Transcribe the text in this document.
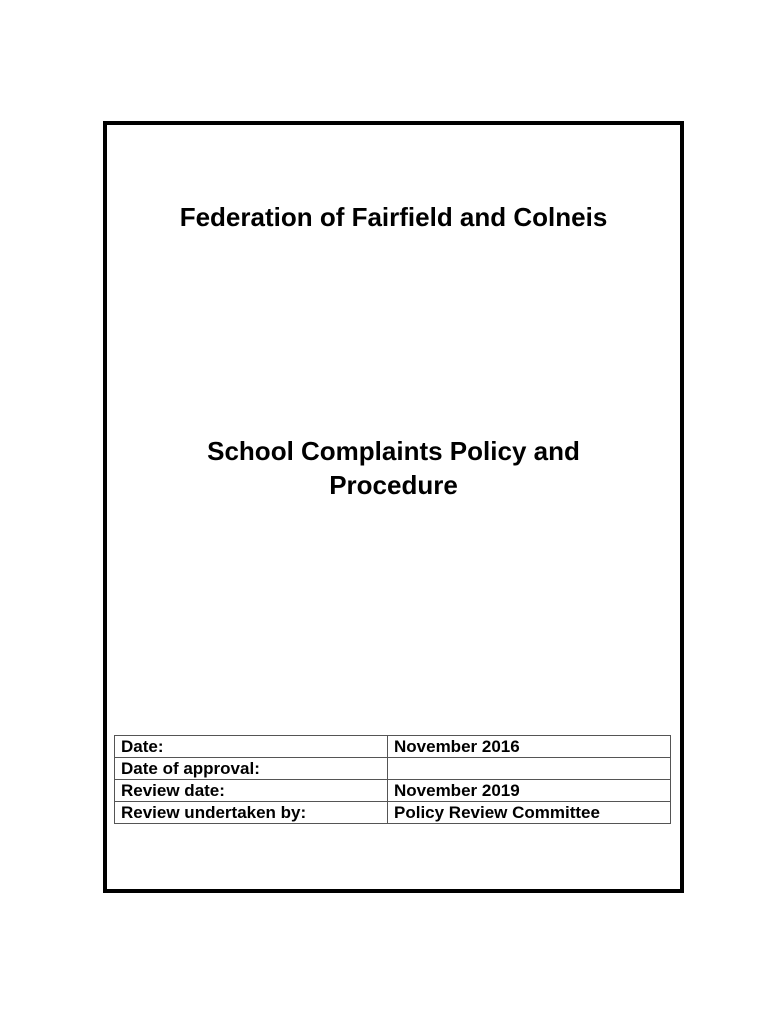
Federation of Fairfield and Colneis
School Complaints Policy and
Procedure
Date:	November 2016
Date of approval:	
Review date:	November 2019
Review undertaken by:	Policy Review Committee
